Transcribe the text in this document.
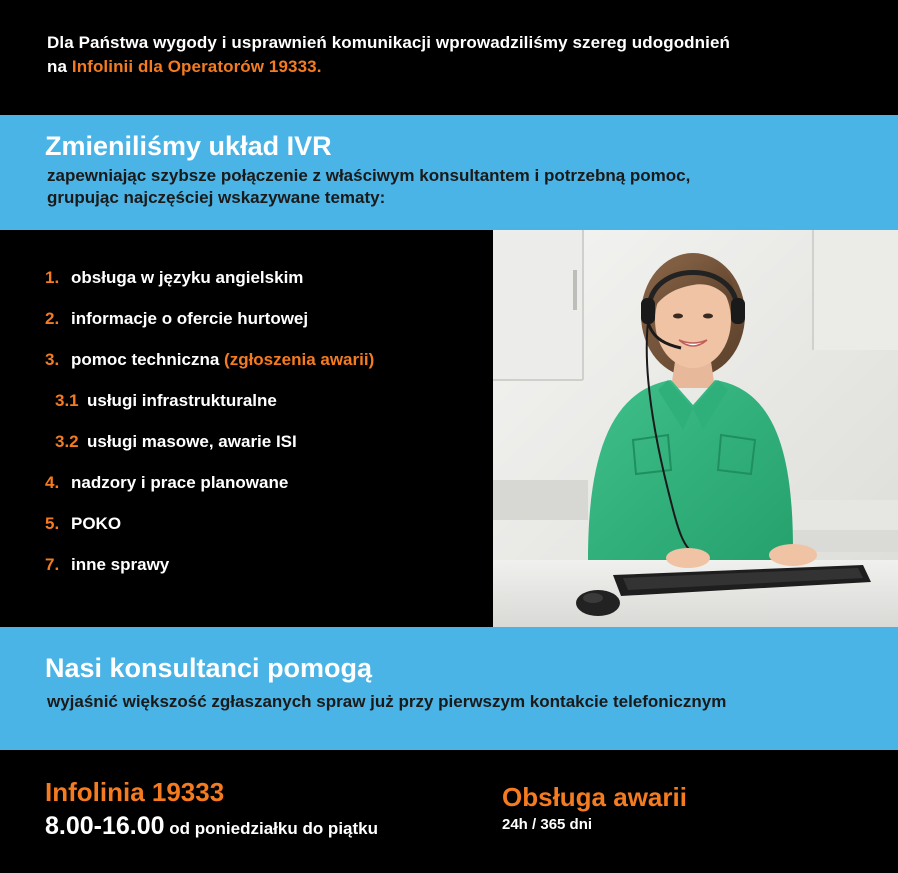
Dla Państwa wygody i usprawnień komunikacji wprowadziliśmy szereg udogodnień
na Infolinii dla Operatorów 19333.
Zmieniliśmy układ IVR
zapewniając szybsze połączenie z właściwym konsultantem i potrzebną pomoc,
grupując najczęściej wskazywane tematy:
1. obsługa w języku angielskim
2. informacje o ofercie hurtowej
3. pomoc techniczna (zgłoszenia awarii)
3.1 usługi infrastrukturalne
3.2 usługi masowe, awarie ISI
4. nadzory i prace planowane
5. POKO
7. inne sprawy
Nasi konsultanci pomogą
wyjaśnić większość zgłaszanych spraw już przy pierwszym kontakcie telefonicznym
Infolinia 19333
8.00-16.00 od poniedziałku do piątku
Obsługa awarii
24h / 365 dni
